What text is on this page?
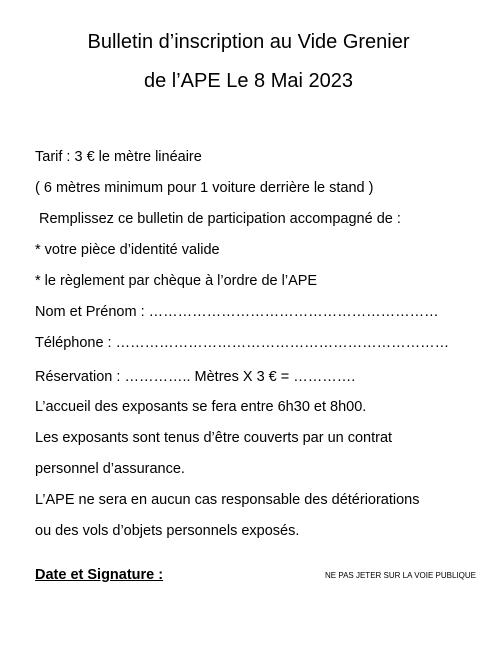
Bulletin d’inscription au Vide Grenier
de l’APE Le 8 Mai 2023
Tarif : 3 € le mètre linéaire
( 6 mètres minimum pour 1 voiture derrière le stand )
Remplissez ce bulletin de participation accompagné de :
* votre pièce d’identité valide
* le règlement par chèque à l’ordre de l’APE
Nom et Prénom : ……………………………………………………
Téléphone : ……………………………………………………………
Réservation : ………….. Mètres X 3 € = ………….
L’accueil des exposants se fera entre 6h30 et 8h00.
Les exposants sont tenus d’être couverts par un contrat
personnel d’assurance.
L’APE ne sera en aucun cas responsable des détériorations
ou des vols d’objets personnels exposés.
Date et Signature :	NE PAS JETER SUR LA VOIE PUBLIQUE
